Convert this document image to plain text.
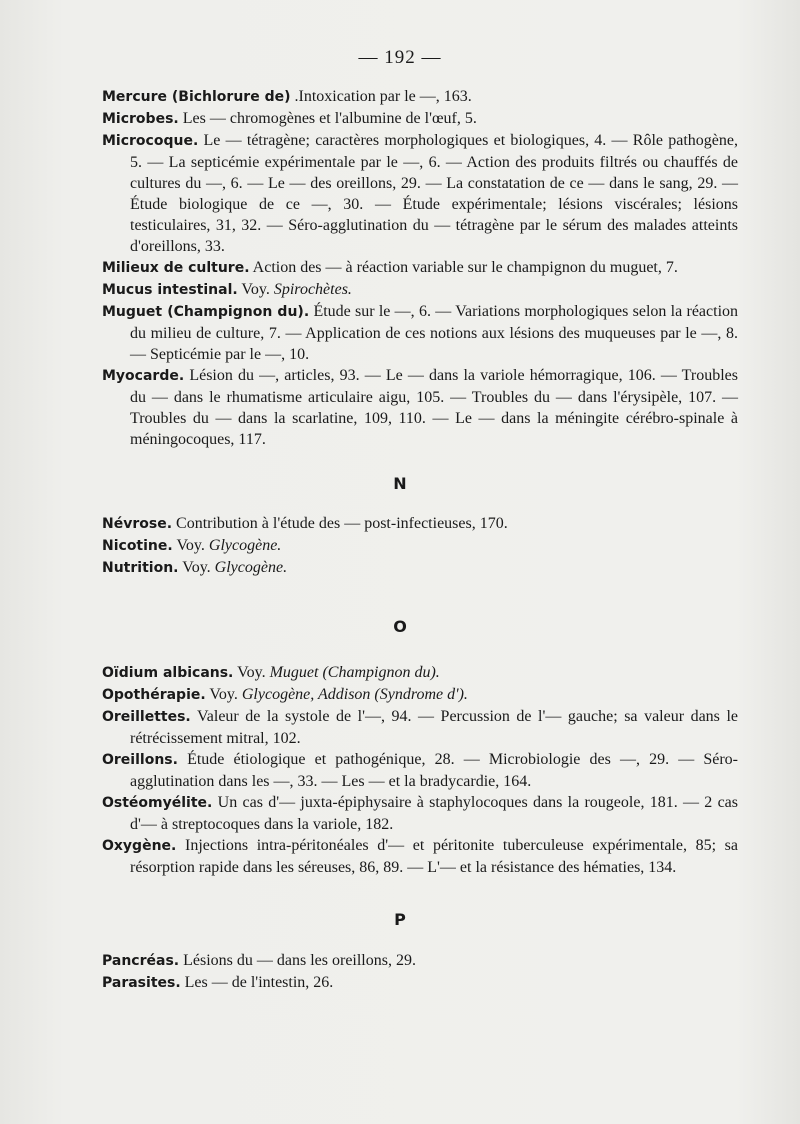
— 192 —

Mercure (Bichlorure de) .Intoxication par le —, 163.

Microbes. Les — chromogènes et l'albumine de l'œuf, 5.

Microcoque. Le — tétragène; caractères morphologiques et biologiques, 4. — Rôle pathogène, 5. — La septicémie expérimentale par le —, 6. — Action des produits filtrés ou chauffés de cultures du —, 6. — Le — des oreillons, 29. — La constatation de ce — dans le sang, 29. — Étude biologique de ce —, 30. — Étude expérimentale; lésions viscérales; lésions testiculaires, 31, 32. — Séro-agglutination du — tétragène par le sérum des malades atteints d'oreillons, 33.

Milieux de culture. Action des — à réaction variable sur le champignon du muguet, 7.

Mucus intestinal. Voy. Spirochètes.

Muguet (Champignon du). Étude sur le —, 6. — Variations morphologiques selon la réaction du milieu de culture, 7. — Application de ces notions aux lésions des muqueuses par le —, 8. — Septicémie par le —, 10.

Myocarde. Lésion du —, articles, 93. — Le — dans la variole hémorragique, 106. — Troubles du — dans le rhumatisme articulaire aigu, 105. — Troubles du — dans l'érysipèle, 107. — Troubles du — dans la scarlatine, 109, 110. — Le — dans la méningite cérébro-spinale à méningocoques, 117.

N

Névrose. Contribution à l'étude des — post-infectieuses, 170.

Nicotine. Voy. Glycogène.

Nutrition. Voy. Glycogène.

O

Oïdium albicans. Voy. Muguet (Champignon du).

Opothérapie. Voy. Glycogène, Addison (Syndrome d').

Oreillettes. Valeur de la systole de l'—, 94. — Percussion de l'— gauche; sa valeur dans le rétrécissement mitral, 102.

Oreillons. Étude étiologique et pathogénique, 28. — Microbiologie des —, 29. — Séro-agglutination dans les —, 33. — Les — et la bradycardie, 164.

Ostéomyélite. Un cas d'— juxta-épiphysaire à staphylocoques dans la rougeole, 181. — 2 cas d'— à streptocoques dans la variole, 182.

Oxygène. Injections intra-péritonéales d'— et péritonite tuberculeuse expérimentale, 85; sa résorption rapide dans les séreuses, 86, 89. — L'— et la résistance des hématies, 134.

P

Pancréas. Lésions du — dans les oreillons, 29.

Parasites. Les — de l'intestin, 26.
